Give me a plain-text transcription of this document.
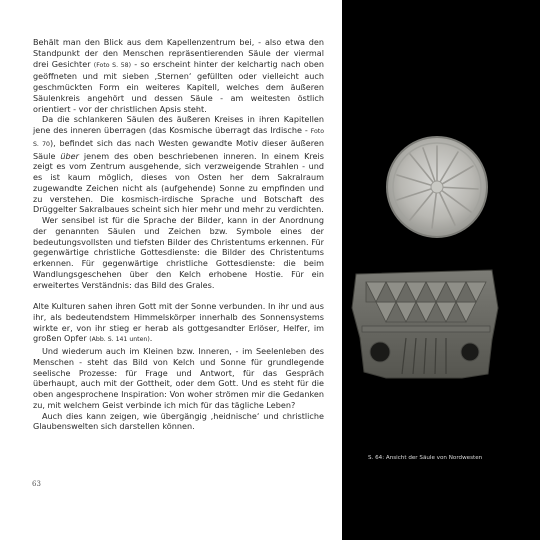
Behält man den Blick aus dem Kapellenzentrum bei, - also etwa den Standpunkt der den Menschen repräsentierenden Säule der viermal drei Gesichter (Foto S. 58) - so erscheint hinter der kelchartig nach oben geöffneten und mit sieben ‚Sternen‘ gefüllten oder vielleicht auch geschmückten Form ein weiteres Kapitell, welches dem äußeren Säulenkreis angehört und dessen Säule - am weitesten östlich orientiert - vor der christlichen Apsis steht.

Da die schlankeren Säulen des äußeren Kreises in ihren Kapitellen jene des inneren überragen (das Kosmische überragt das Irdische - Foto S. 70), befindet sich das nach Westen gewandte Motiv dieser äußeren Säule über jenem des oben beschriebenen inneren. In einem Kreis zeigt es vom Zentrum ausgehende, sich verzweigende Strahlen - und es ist kaum möglich, dieses von Osten her dem Sakralraum zugewandte Zeichen nicht als (aufgehende) Sonne zu empfinden und zu verstehen. Die kosmisch-irdische Sprache und Botschaft des Drüggelter Sakralbaues scheint sich hier mehr und mehr zu verdichten.

Wer sensibel ist für die Sprache der Bilder, kann in der Anordnung der genannten Säulen und Zeichen bzw. Symbole eines der bedeutungsvollsten und tiefsten Bilder des Christentums erkennen. Für gegenwärtige christliche Gottesdienste: die Bilder des Christentums erkennen. Für gegenwärtige christliche Gottesdienste: die beim Wandlungsgeschehen über den Kelch erhobene Hostie. Für ein erweitertes Verständnis: das Bild des Grales.

Alte Kulturen sahen ihren Gott mit der Sonne verbunden. In ihr und aus ihr, als bedeutendstem Himmelskörper innerhalb des Sonnensystems wirkte er, von ihr stieg er herab als gottgesandter Erlöser, Helfer, im großen Opfer (Abb. S. 141 unten).

Und wiederum auch im Kleinen bzw. Inneren, - im Seelenleben des Menschen - steht das Bild von Kelch und Sonne für grundlegende seelische Prozesse: für Frage und Antwort, für das Gespräch überhaupt, auch mit der Gottheit, oder dem Gott. Und es steht für die oben angesprochene Inspiration: Von woher strömen mir die Gedanken zu, mit welchem Geist verbinde ich mich für das tägliche Leben?

Auch dies kann zeigen, wie übergängig ‚heidnische‘ und christliche Glaubenswelten sich darstellen können.

63
S. 64: Ansicht der Säule von Nordwesten
